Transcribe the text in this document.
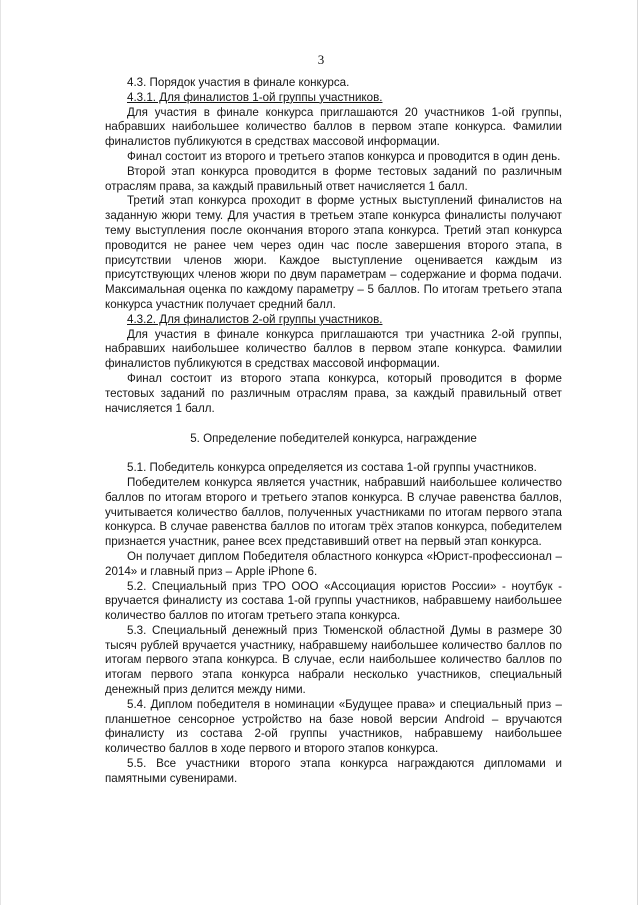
3

4.3. Порядок участия в финале конкурса.

4.3.1. Для финалистов 1-ой группы участников.

Для участия в финале конкурса приглашаются 20 участников 1-ой группы, набравших наибольшее количество баллов в первом этапе конкурса. Фамилии финалистов публикуются в средствах массовой информации.

Финал состоит из второго и третьего этапов конкурса и проводится в один день.

Второй этап конкурса проводится в форме тестовых заданий по различным отраслям права, за каждый правильный ответ начисляется 1 балл.

Третий этап конкурса проходит в форме устных выступлений финалистов на заданную жюри тему. Для участия в третьем этапе конкурса финалисты получают тему выступления после окончания второго этапа конкурса. Третий этап конкурса проводится не ранее чем через один час после завершения второго этапа, в присутствии членов жюри. Каждое выступление оценивается каждым из присутствующих членов жюри по двум параметрам – содержание и форма подачи. Максимальная оценка по каждому параметру – 5 баллов. По итогам третьего этапа конкурса участник получает средний балл.

4.3.2. Для финалистов 2-ой группы участников.

Для участия в финале конкурса приглашаются три участника 2-ой группы, набравших наибольшее количество баллов в первом этапе конкурса. Фамилии финалистов публикуются в средствах массовой информации.

Финал состоит из второго этапа конкурса, который проводится в форме тестовых заданий по различным отраслям права, за каждый правильный ответ начисляется 1 балл.

5. Определение победителей конкурса, награждение

5.1. Победитель конкурса определяется из состава 1-ой группы участников.

Победителем конкурса является участник, набравший наибольшее количество баллов по итогам второго и третьего этапов конкурса. В случае равенства баллов, учитывается количество баллов, полученных участниками по итогам первого этапа конкурса. В случае равенства баллов по итогам трёх этапов конкурса, победителем признается участник, ранее всех представивший ответ на первый этап конкурса.

Он получает диплом Победителя областного конкурса «Юрист-профессионал – 2014» и главный приз – Apple iPhone 6.

5.2. Специальный приз ТРО ООО «Ассоциация юристов России» - ноутбук - вручается финалисту из состава 1-ой группы участников, набравшему наибольшее количество баллов по итогам третьего этапа конкурса.

5.3. Специальный денежный приз Тюменской областной Думы в размере 30 тысяч рублей вручается участнику, набравшему наибольшее количество баллов по итогам первого этапа конкурса. В случае, если наибольшее количество баллов по итогам первого этапа конкурса набрали несколько участников, специальный денежный приз делится между ними.

5.4. Диплом победителя в номинации «Будущее права» и специальный приз – планшетное сенсорное устройство на базе новой версии Android – вручаются финалисту из состава 2-ой группы участников, набравшему наибольшее количество баллов в ходе первого и второго этапов конкурса.

5.5. Все участники второго этапа конкурса награждаются дипломами и памятными сувенирами.
